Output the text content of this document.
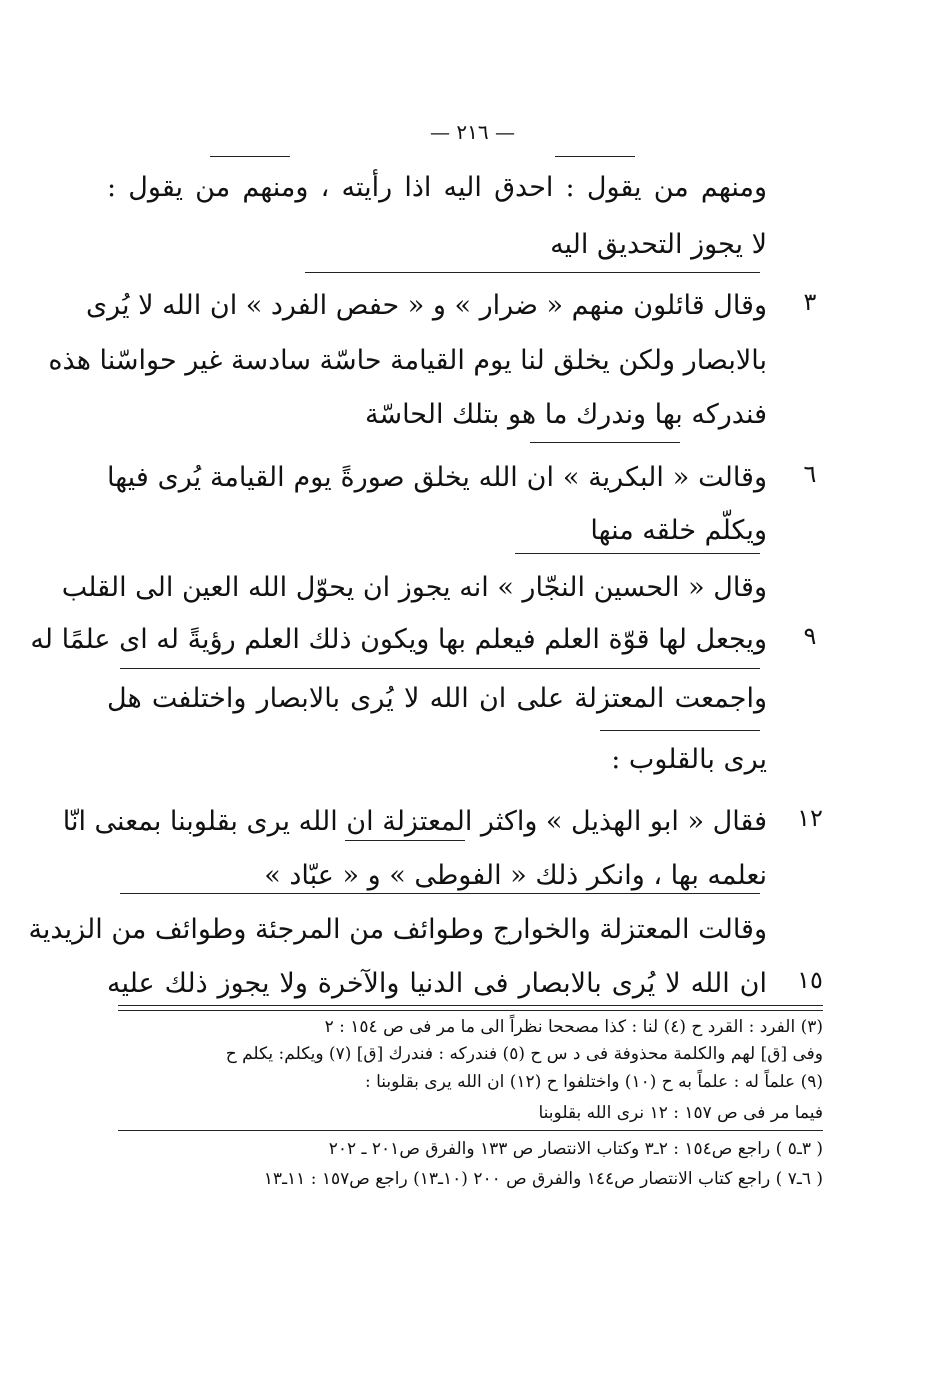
— ٢١٦ —
ومنهم من يقول : احدق اليه اذا رأيته ، ومنهم من يقول :
لا يجوز التحديق اليه
٣
وقال قائلون منهم « ضرار » و « حفص الفرد » ان الله لا يُرى
بالابصار ولكن يخلق لنا يوم القيامة حاسّة سادسة غير حواسّنا هذه
فندركه بها وندرك ما هو بتلك الحاسّة
٦
وقالت « البكرية » ان الله يخلق صورةً يوم القيامة يُرى فيها
ويكلّم خلقه منها
وقال « الحسين النجّار » انه يجوز ان يحوّل الله العين الى القلب
٩
ويجعل لها قوّة العلم فيعلم بها ويكون ذلك العلم رؤيةً له اى علمًا له
واجمعت المعتزلة على ان الله لا يُرى بالابصار واختلفت هل
يرى بالقلوب :
١٢
فقال « ابو الهذيل » واكثر المعتزلة ان الله يرى بقلوبنا بمعنى انّا
نعلمه بها ، وانكر ذلك « الفوطى » و « عبّاد »
وقالت المعتزلة والخوارج وطوائف من المرجئة وطوائف من الزيدية
١٥
ان الله لا يُرى بالابصار فى الدنيا والآخرة ولا يجوز ذلك عليه
(٣) الفرد : القرد ح (٤) لنا : كذا مصححا نظراً الى ما مر فى ص ١٥٤ : ٢
وفى [ق] لهم والكلمة محذوفة فى د س ح (٥) فندركه : فندرك [ق] (٧) ويكلم: يكلم ح
(٩) علماً له : علماً به ح (١٠) واختلفوا ح (١٢) ان الله يرى بقلوبنا :
فيما مر فى ص ١٥٧ : ١٢ نرى الله بقلوبنا
( ٣ـ٥ ) راجع ص١٥٤ : ٢ـ٣ وكتاب الانتصار ص ١٣٣ والفرق ص٢٠١ ـ ٢٠٢
( ٦ـ٧ ) راجع كتاب الانتصار ص١٤٤ والفرق ص ٢٠٠ (١٠ـ١٣) راجع ص١٥٧ : ١١ـ١٣
